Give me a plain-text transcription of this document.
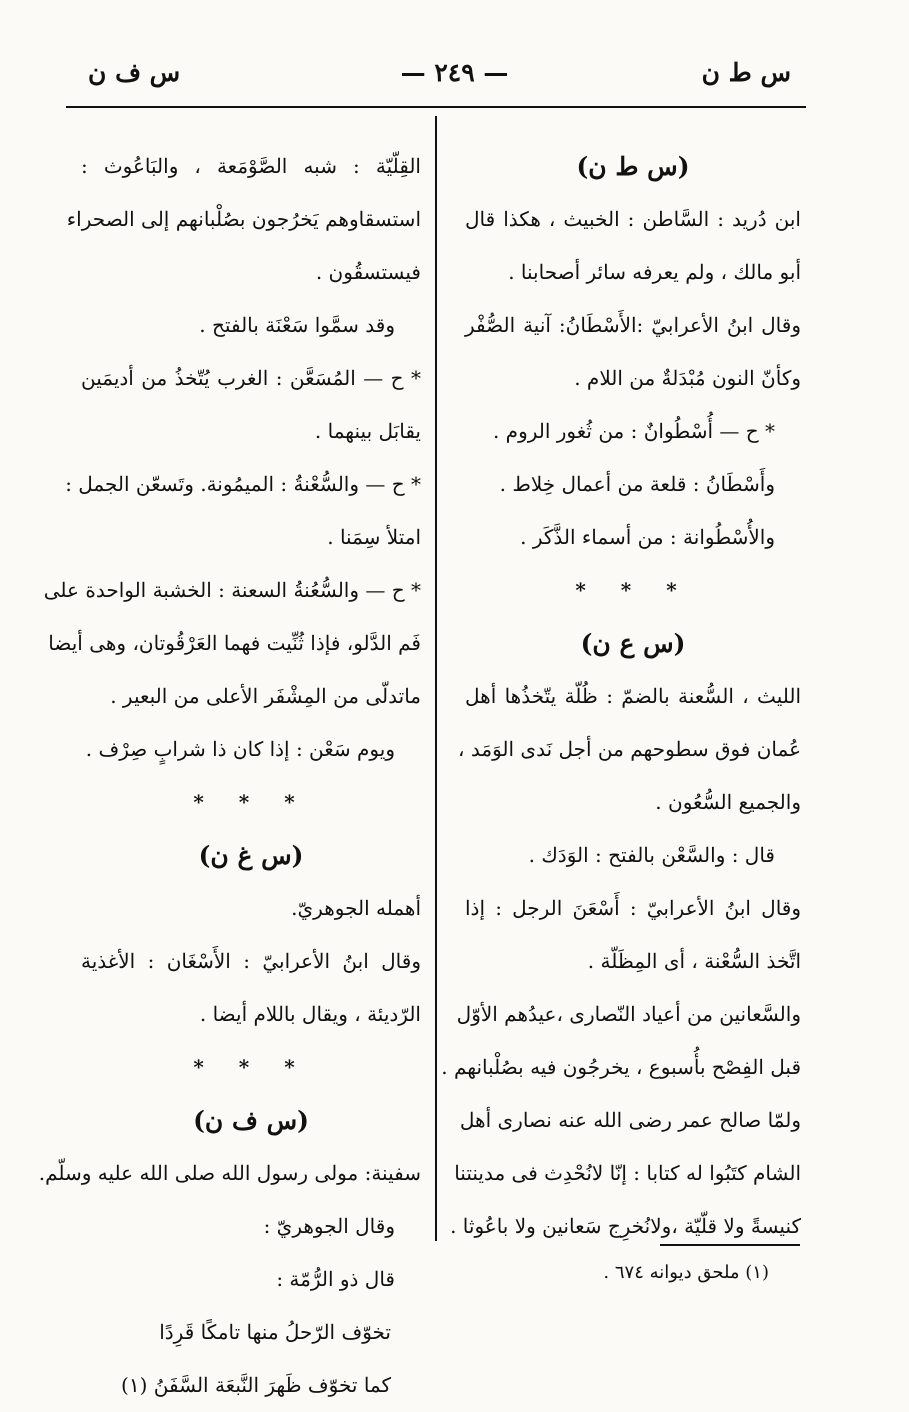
س ط ن
— ٢٤٩ —
س ف ن
(س ط ن)
ابن دُريد : السَّاطن : الخبيث ، هكذا قال
أبو مالك ، ولم يعرفه سائر أصحابنا .
وقال ابنُ الأعرابيّ :الأَسْطَانُ: آنية الصُّفْر
وكأنّ النون مُبْدَلةٌ من اللام .
* ح — أُسْطُوانٌ : من ثُغور الروم .
وأَسْطَانُ : قلعة من أعمال خِلاط .
والأُسْطُوانة : من أسماء الذَّكَر .
* * *
(س ع ن)
الليث ، السُّعنة بالضمّ : ظُلّة يتّخذُها أهل
عُمان فوق سطوحهم من أجل نَدى الوَمَد ،
والجميع السُّعُون .
قال : والسَّعْن بالفتح : الوَدَك .
وقال ابنُ الأعرابيّ : أَسْعَنَ الرجل : إذا
اتَّخذ السُّعْنة ، أى المِظَلّة .
والسَّعانين من أعياد النّصارى ،عيدُهم الأوّل
قبل الفِصْح بأُسبوع ، يخرجُون فيه بصُلْبانهم .
ولمّا صالح عمر رضى الله عنه نصارى أهل
الشام كتَبُوا له كتابا : إنّا لانُحْدِث فى مدينتنا
كنيسةً ولا قلّيّة ،ولانُخرِج سَعانين ولا باعُوثا .
القِلّيّة : شبه الصَّوْمَعة ، والبَاعُوث :
استسقاوهم يَخرُجون بصُلْبانهم إلى الصحراء
فيستسقُون .
وقد سمَّوا سَعْنَة بالفتح .
* ح — المُسَعَّن : الغرب يُتّخذُ من أديمَين
يقابَل بينهما .
* ح — والسُّعْنةُ : الميمُونة. وتَسعّن الجمل :
امتلأ سِمَنا .
* ح — والسُّعُنةُ السعنة : الخشبة الواحدة على
فَم الدَّلو، فإذا ثُنِّيت فهما العَرْقُوتان، وهى أيضا
ماتدلّى من المِشْفَر الأعلى من البعير .
ويوم سَعْن : إذا كان ذا شرابٍ صِرْف .
* * *
(س غ ن)
أهمله الجوهريّ.
وقال ابنُ الأعرابيّ : الأَسْغَان : الأغذية
الرّديئة ، ويقال باللام أيضا .
* * *
(س ف ن)
سفينة: مولى رسول الله صلى الله عليه وسلّم.
وقال الجوهريّ :
قال ذو الرُّمّة :
تخوّف الرّحلُ منها تامكًا قَرِدًا
كما تخوّف ظَهرَ النَّبعَة السَّفَنُ (١)
(١) ملحق ديوانه ٦٧٤ .
